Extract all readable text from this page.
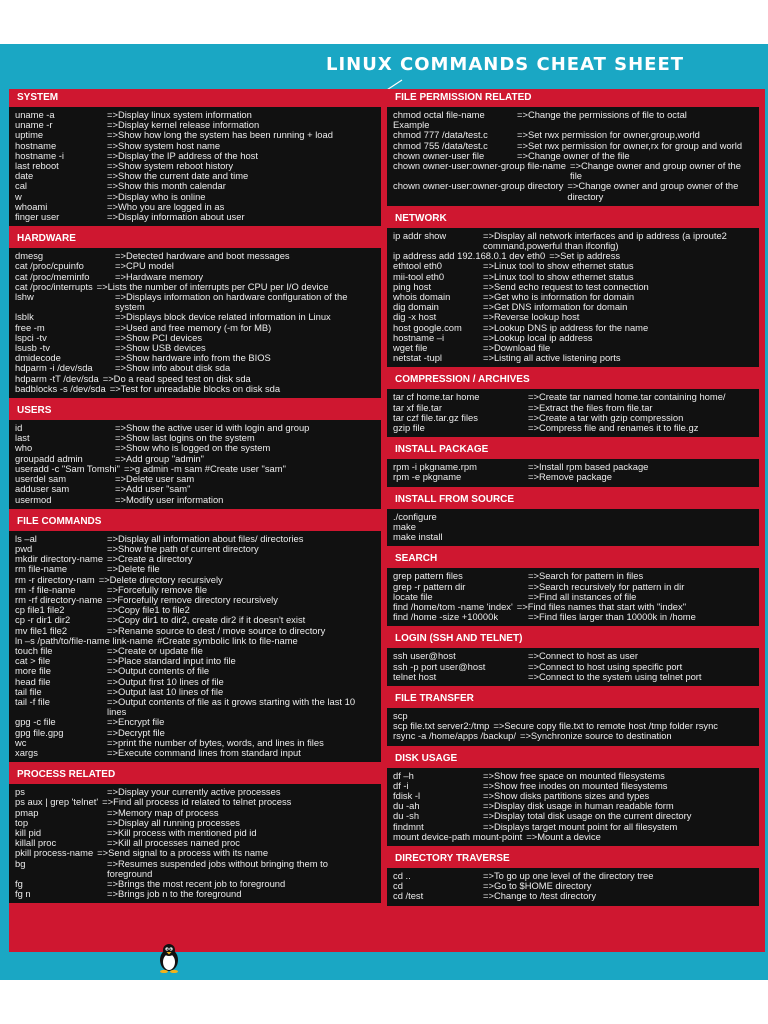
LINUX COMMANDS CHEAT SHEET
SYSTEM
uname -a	=>Display linux system information
uname -r	=>Display kernel release information
uptime	=>Show how long the system has been running + load
hostname	=>Show system host name
hostname -i	=>Display the IP address of the host
last reboot	=>Show system reboot history
date	=>Show the current date and time
cal	=>Show this month calendar
w	=>Display who is online
whoami	=>Who you are logged in as
finger user	=>Display information about user
HARDWARE
dmesg	=>Detected hardware and boot messages
cat /proc/cpuinfo	=>CPU model
cat /proc/meminfo	=>Hardware memory
cat /proc/interrupts =>Lists the number of interrupts per CPU per I/O device
lshw	=>Displays information on hardware configuration of the system
lsblk	=>Displays block device related information in Linux
free -m	=>Used and free memory (-m for MB)
lspci -tv	=>Show PCI devices
lsusb -tv	=>Show USB devices
dmidecode	=>Show hardware info from the BIOS
hdparm -i /dev/sda	=>Show info about disk sda
hdparm -tT /dev/sda =>Do a read speed test on disk sda
badblocks -s /dev/sda =>Test for unreadable blocks on disk sda
USERS
id	=>Show the active user id with login and group
last	=>Show last logins on the system
who	=>Show who is logged on the system
groupadd admin	=>Add group "admin"
useradd -c "Sam Tomshi" =>g admin -m sam #Create user "sam"
userdel sam	=>Delete user sam
adduser sam	=>Add user "sam"
usermod	=>Modify user information
FILE COMMANDS
ls –al	=>Display all information about files/ directories
pwd	=>Show the path of current directory
mkdir directory-name =>Create a directory
rm file-name	=>Delete file
rm -r directory-nam =>Delete directory recursively
rm -f file-name	=>Forcefully remove file
rm -rf directory-name =>Forcefully remove directory recursively
cp file1 file2	=>Copy file1 to file2
cp -r dir1 dir2	=>Copy dir1 to dir2, create dir2 if it doesn't exist
mv file1 file2	=>Rename source to dest / move source to directory
ln –s /path/to/file-name link-name #Create symbolic link to file-name
touch file	=>Create or update file
cat > file	=>Place standard input into file
more file	=>Output contents of file
head file	=>Output first 10 lines of file
tail file	=>Output last 10 lines of file
tail -f file	=>Output contents of file as it grows starting with the last 10 lines
gpg -c file	=>Encrypt file
gpg file.gpg	=>Decrypt file
wc	=>print the number of bytes, words, and lines in files
xargs	=>Execute command lines from standard input
PROCESS RELATED
ps	=>Display your currently active processes
ps aux | grep 'telnet' =>Find all process id related to telnet process
pmap	=>Memory map of process
top	=>Display all running processes
kill pid	=>Kill process with mentioned pid id
killall proc	=>Kill all processes named proc
pkill process-name =>Send signal to a process with its name
bg	=>Resumes suspended jobs without bringing them to foreground
fg	=>Brings the most recent job to foreground
fg n	=>Brings job n to the foreground
FILE PERMISSION RELATED
chmod octal file-name	=>Change the permissions of file to octal
Example
chmod 777 /data/test.c	=>Set rwx permission for owner,group,world
chmod 755 /data/test.c	=>Set rwx permission for owner,rx for group and world
chown owner-user file	=>Change owner of the file
chown owner-user:owner-group file-name =>Change owner and group owner of the file
chown owner-user:owner-group directory =>Change owner and group owner of the directory
NETWORK
ip addr show	=>Display all network interfaces and ip address (a iproute2 command,powerful than ifconfig)
ip address add 192.168.0.1 dev eth0 =>Set ip address
ethtool eth0	=>Linux tool to show ethernet status
mii-tool eth0	=>Linux tool to show ethernet status
ping host	=>Send echo request to test connection
whois domain	=>Get who is information for domain
dig domain	=>Get DNS information for domain
dig -x host	=>Reverse lookup host
host google.com	=>Lookup DNS ip address for the name
hostname –i	=>Lookup local ip address
wget file	=>Download file
netstat -tupl	=>Listing all active listening ports
COMPRESSION / ARCHIVES
tar cf home.tar home	=>Create tar named home.tar containing home/
tar xf file.tar	=>Extract the files from file.tar
tar czf file.tar.gz files	=>Create a tar with gzip compression
gzip file	=>Compress file and renames it to file.gz
INSTALL PACKAGE
rpm -i pkgname.rpm	=>Install rpm based package
rpm -e pkgname	=>Remove package
INSTALL FROM SOURCE
./configure
make
make install
SEARCH
grep pattern files	=>Search for pattern in files
grep -r pattern dir	=>Search recursively for pattern in dir
locate file	=>Find all instances of file
find /home/tom -name 'index' =>Find files names that start with "index"
find /home -size +10000k	=>Find files larger than 10000k in /home
LOGIN (SSH AND TELNET)
ssh user@host	=>Connect to host as user
ssh -p port user@host	=>Connect to host using specific port
telnet host	=>Connect to the system using telnet port
FILE TRANSFER
scp
scp file.txt server2:/tmp =>Secure copy file.txt to remote host /tmp folder rsync
rsync -a /home/apps /backup/ =>Synchronize source to destination
DISK USAGE
df –h	=>Show free space on mounted filesystems
df -i	=>Show free inodes on mounted filesystems
fdisk -l	=>Show disks partitions sizes and types
du -ah	=>Display disk usage in human readable form
du -sh	=>Display total disk usage on the current directory
findmnt	=>Displays target mount point for all filesystem
mount device-path mount-point =>Mount a device
DIRECTORY TRAVERSE
cd ..	=>To go up one level of the directory tree
cd	=>Go to $HOME directory
cd /test	=>Change to /test directory
